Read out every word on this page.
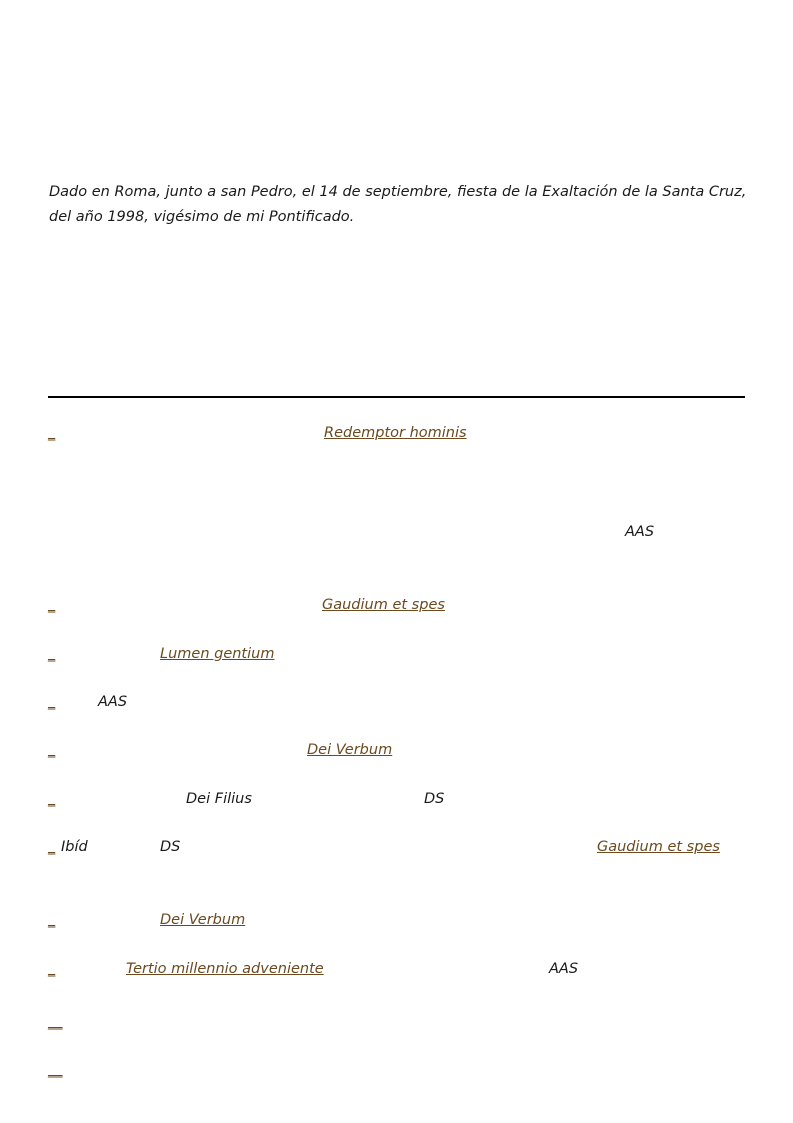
Dado en Roma, junto a san Pedro, el 14 de septiembre, fiesta de la Exaltación de la Santa Cruz, del año 1998, vigésimo de mi Pontificado.

_	Redemptor hominis
AAS
_	Gaudium et spes
_	Lumen gentium
_	AAS
_	Dei Verbum
_	Dei Filius	DS
_ Ibíd	DS	Gaudium et spes
_	Dei Verbum
_	Tertio millennio adveniente	AAS
__
__
